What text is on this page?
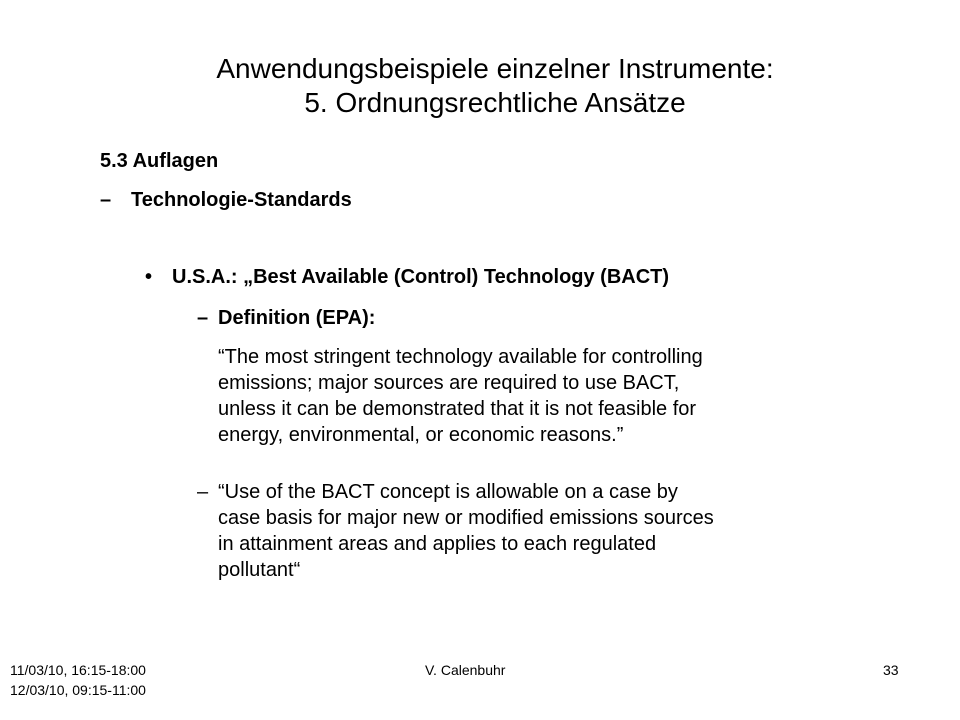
Anwendungsbeispiele einzelner Instrumente:
5. Ordnungsrechtliche Ansätze
5.3 Auflagen
– Technologie-Standards
• U.S.A.: „Best Available (Control) Technology (BACT)
– Definition (EPA):
“The most stringent technology available for controlling
emissions; major sources are required to use BACT,
unless it can be demonstrated that it is not feasible for
energy, environmental, or economic reasons.”
– “Use of the BACT concept is allowable on a case by
case basis for major new or modified emissions sources
in attainment areas and applies to each regulated
pollutant“
11/03/10, 16:15-18:00
12/03/10, 09:15-11:00
V. Calenbuhr	33
